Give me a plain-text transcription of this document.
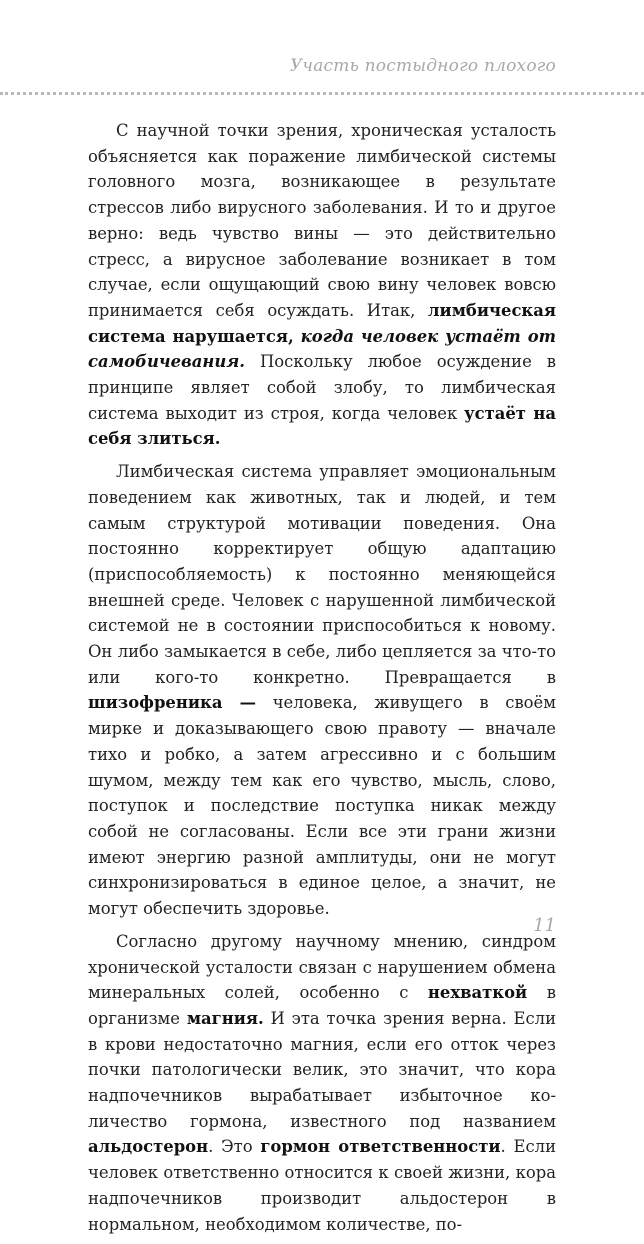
Участь постыдного плохого

С научной точки зрения, хроническая усталость объясняется как поражение лимбической системы головного мозга, возникающее в результате стрессов либо вирусного заболевания. И то и другое верно: ведь чувство вины — это действительно стресс, а вирусное заболевание возникает в том случае, если ощущающий свою вину человек вовсю принимается себя осуждать. Итак, лимбическая система нарушается, когда человек устаёт от самобичевания. Поскольку любое осуждение в принципе являет собой злобу, то лимбическая система выходит из строя, когда человек устаёт на себя злиться.

Лимбическая система управляет эмоциональным поведением как животных, так и людей, и тем самым структурой мотивации поведения. Она постоянно корректирует общую адаптацию (приспособляемость) к постоянно меняющейся внешней среде. Человек с нарушенной лимбической системой не в состоянии приспособиться к новому. Он либо замыкается в себе, либо цепляется за что-то или кого-то конкретно. Превращается в шизофреника — человека, живущего в своём мирке и доказывающего свою правоту — вначале тихо и робко, а затем агрессивно и с большим шумом, между тем как его чувство, мысль, слово, поступок и последствие поступка никак между собой не согласованы. Если все эти грани жизни имеют энергию разной амплитуды, они не могут синхронизироваться в единое целое, а значит, не могут обеспечить здоровье.

Согласно другому научному мнению, синдром хронической усталости связан с нарушением обмена минеральных солей, особенно с нехваткой в организме магния. И эта точка зрения верна. Если в крови недостаточно магния, если его отток через почки патологически велик, это значит, что кора надпочечников вырабатывает избыточное количество гормона, известного под названием альдостерон. Это гормон ответственности. Если человек ответственно относится к своей жизни, кора надпочечников производит альдостерон в нормальном, необходимом количестве, по-

11
